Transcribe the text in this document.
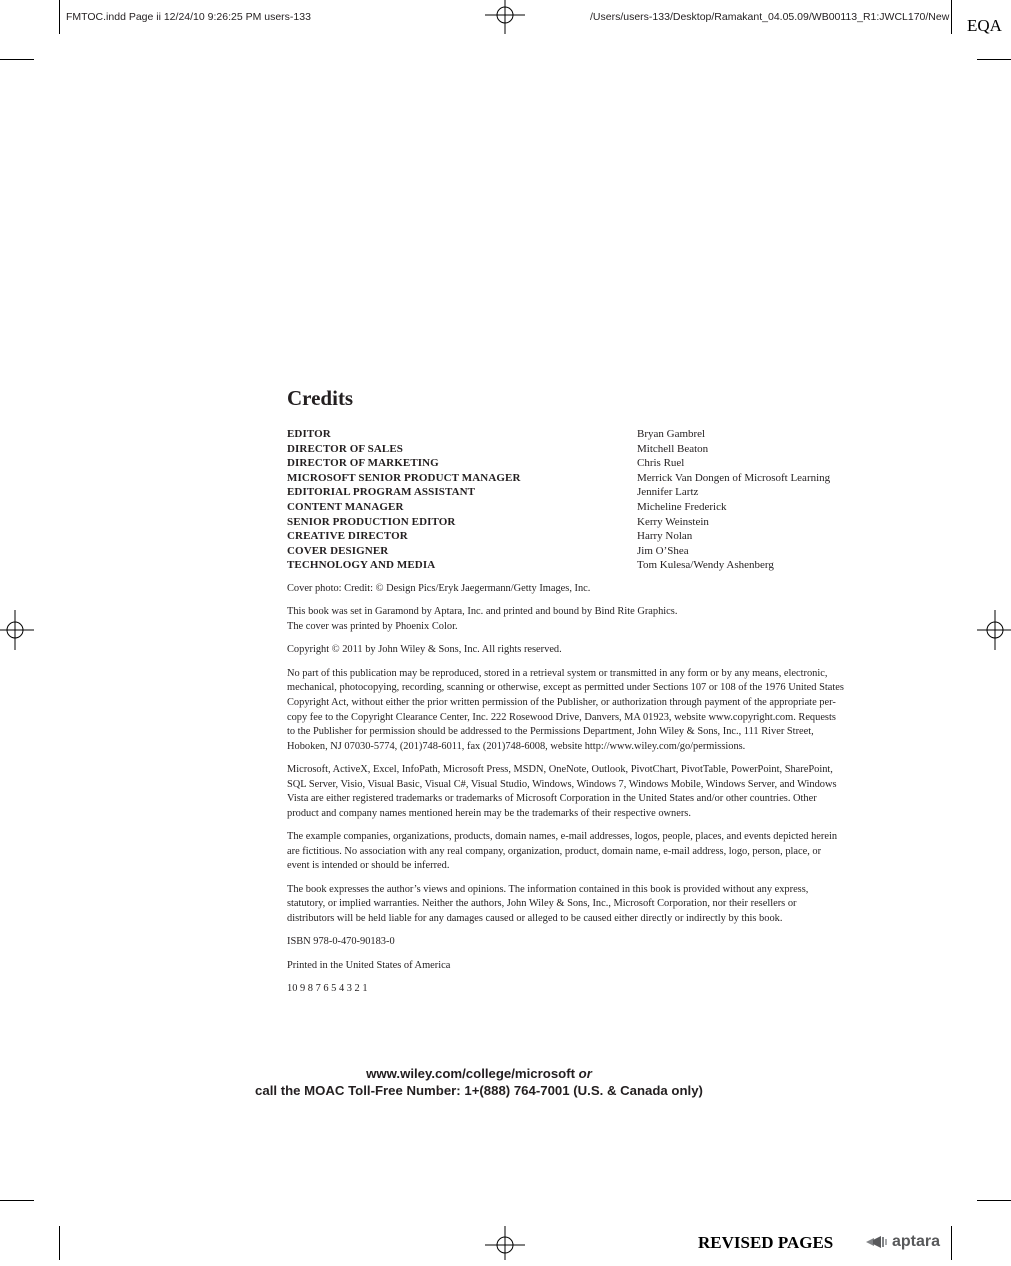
FMTOC.indd Page ii 12/24/10 9:26:25 PM users-133	/Users/users-133/Desktop/Ramakant_04.05.09/WB00113_R1:JWCL170/New EQA
Credits
EDITOR	Bryan Gambrel
DIRECTOR OF SALES	Mitchell Beaton
DIRECTOR OF MARKETING	Chris Ruel
MICROSOFT SENIOR PRODUCT MANAGER	Merrick Van Dongen of Microsoft Learning
EDITORIAL PROGRAM ASSISTANT	Jennifer Lartz
CONTENT MANAGER	Micheline Frederick
SENIOR PRODUCTION EDITOR	Kerry Weinstein
CREATIVE DIRECTOR	Harry Nolan
COVER DESIGNER	Jim O’Shea
TECHNOLOGY AND MEDIA	Tom Kulesa/Wendy Ashenberg

Cover photo: Credit: © Design Pics/Eryk Jaegermann/Getty Images, Inc.

This book was set in Garamond by Aptara, Inc. and printed and bound by Bind Rite Graphics.
The cover was printed by Phoenix Color.

Copyright © 2011 by John Wiley & Sons, Inc. All rights reserved.

No part of this publication may be reproduced, stored in a retrieval system or transmitted in any form or by any means, electronic, mechanical, photocopying, recording, scanning or otherwise, except as permitted under Sections 107 or 108 of the 1976 United States Copyright Act, without either the prior written permission of the Publisher, or authorization through payment of the appropriate per-copy fee to the Copyright Clearance Center, Inc. 222 Rosewood Drive, Danvers, MA 01923, website www.copyright.com. Requests to the Publisher for permission should be addressed to the Permissions Department, John Wiley & Sons, Inc., 111 River Street, Hoboken, NJ 07030-5774, (201)748-6011, fax (201)748-6008, website http://www.wiley.com/go/permissions.

Microsoft, ActiveX, Excel, InfoPath, Microsoft Press, MSDN, OneNote, Outlook, PivotChart, PivotTable, PowerPoint, SharePoint, SQL Server, Visio, Visual Basic, Visual C#, Visual Studio, Windows, Windows 7, Windows Mobile, Windows Server, and Windows Vista are either registered trademarks or trademarks of Microsoft Corporation in the United States and/or other countries. Other product and company names mentioned herein may be the trademarks of their respective owners.

The example companies, organizations, products, domain names, e-mail addresses, logos, people, places, and events depicted herein are fictitious. No association with any real company, organization, product, domain name, e-mail address, logo, person, place, or event is intended or should be inferred.

The book expresses the author’s views and opinions. The information contained in this book is provided without any express, statutory, or implied warranties. Neither the authors, John Wiley & Sons, Inc., Microsoft Corporation, nor their resellers or distributors will be held liable for any damages caused or alleged to be caused either directly or indirectly by this book.

ISBN 978-0-470-90183-0

Printed in the United States of America

10 9 8 7 6 5 4 3 2 1

www.wiley.com/college/microsoft or
call the MOAC Toll-Free Number: 1+(888) 764-7001 (U.S. & Canada only)
REVISED PAGES	aptara
